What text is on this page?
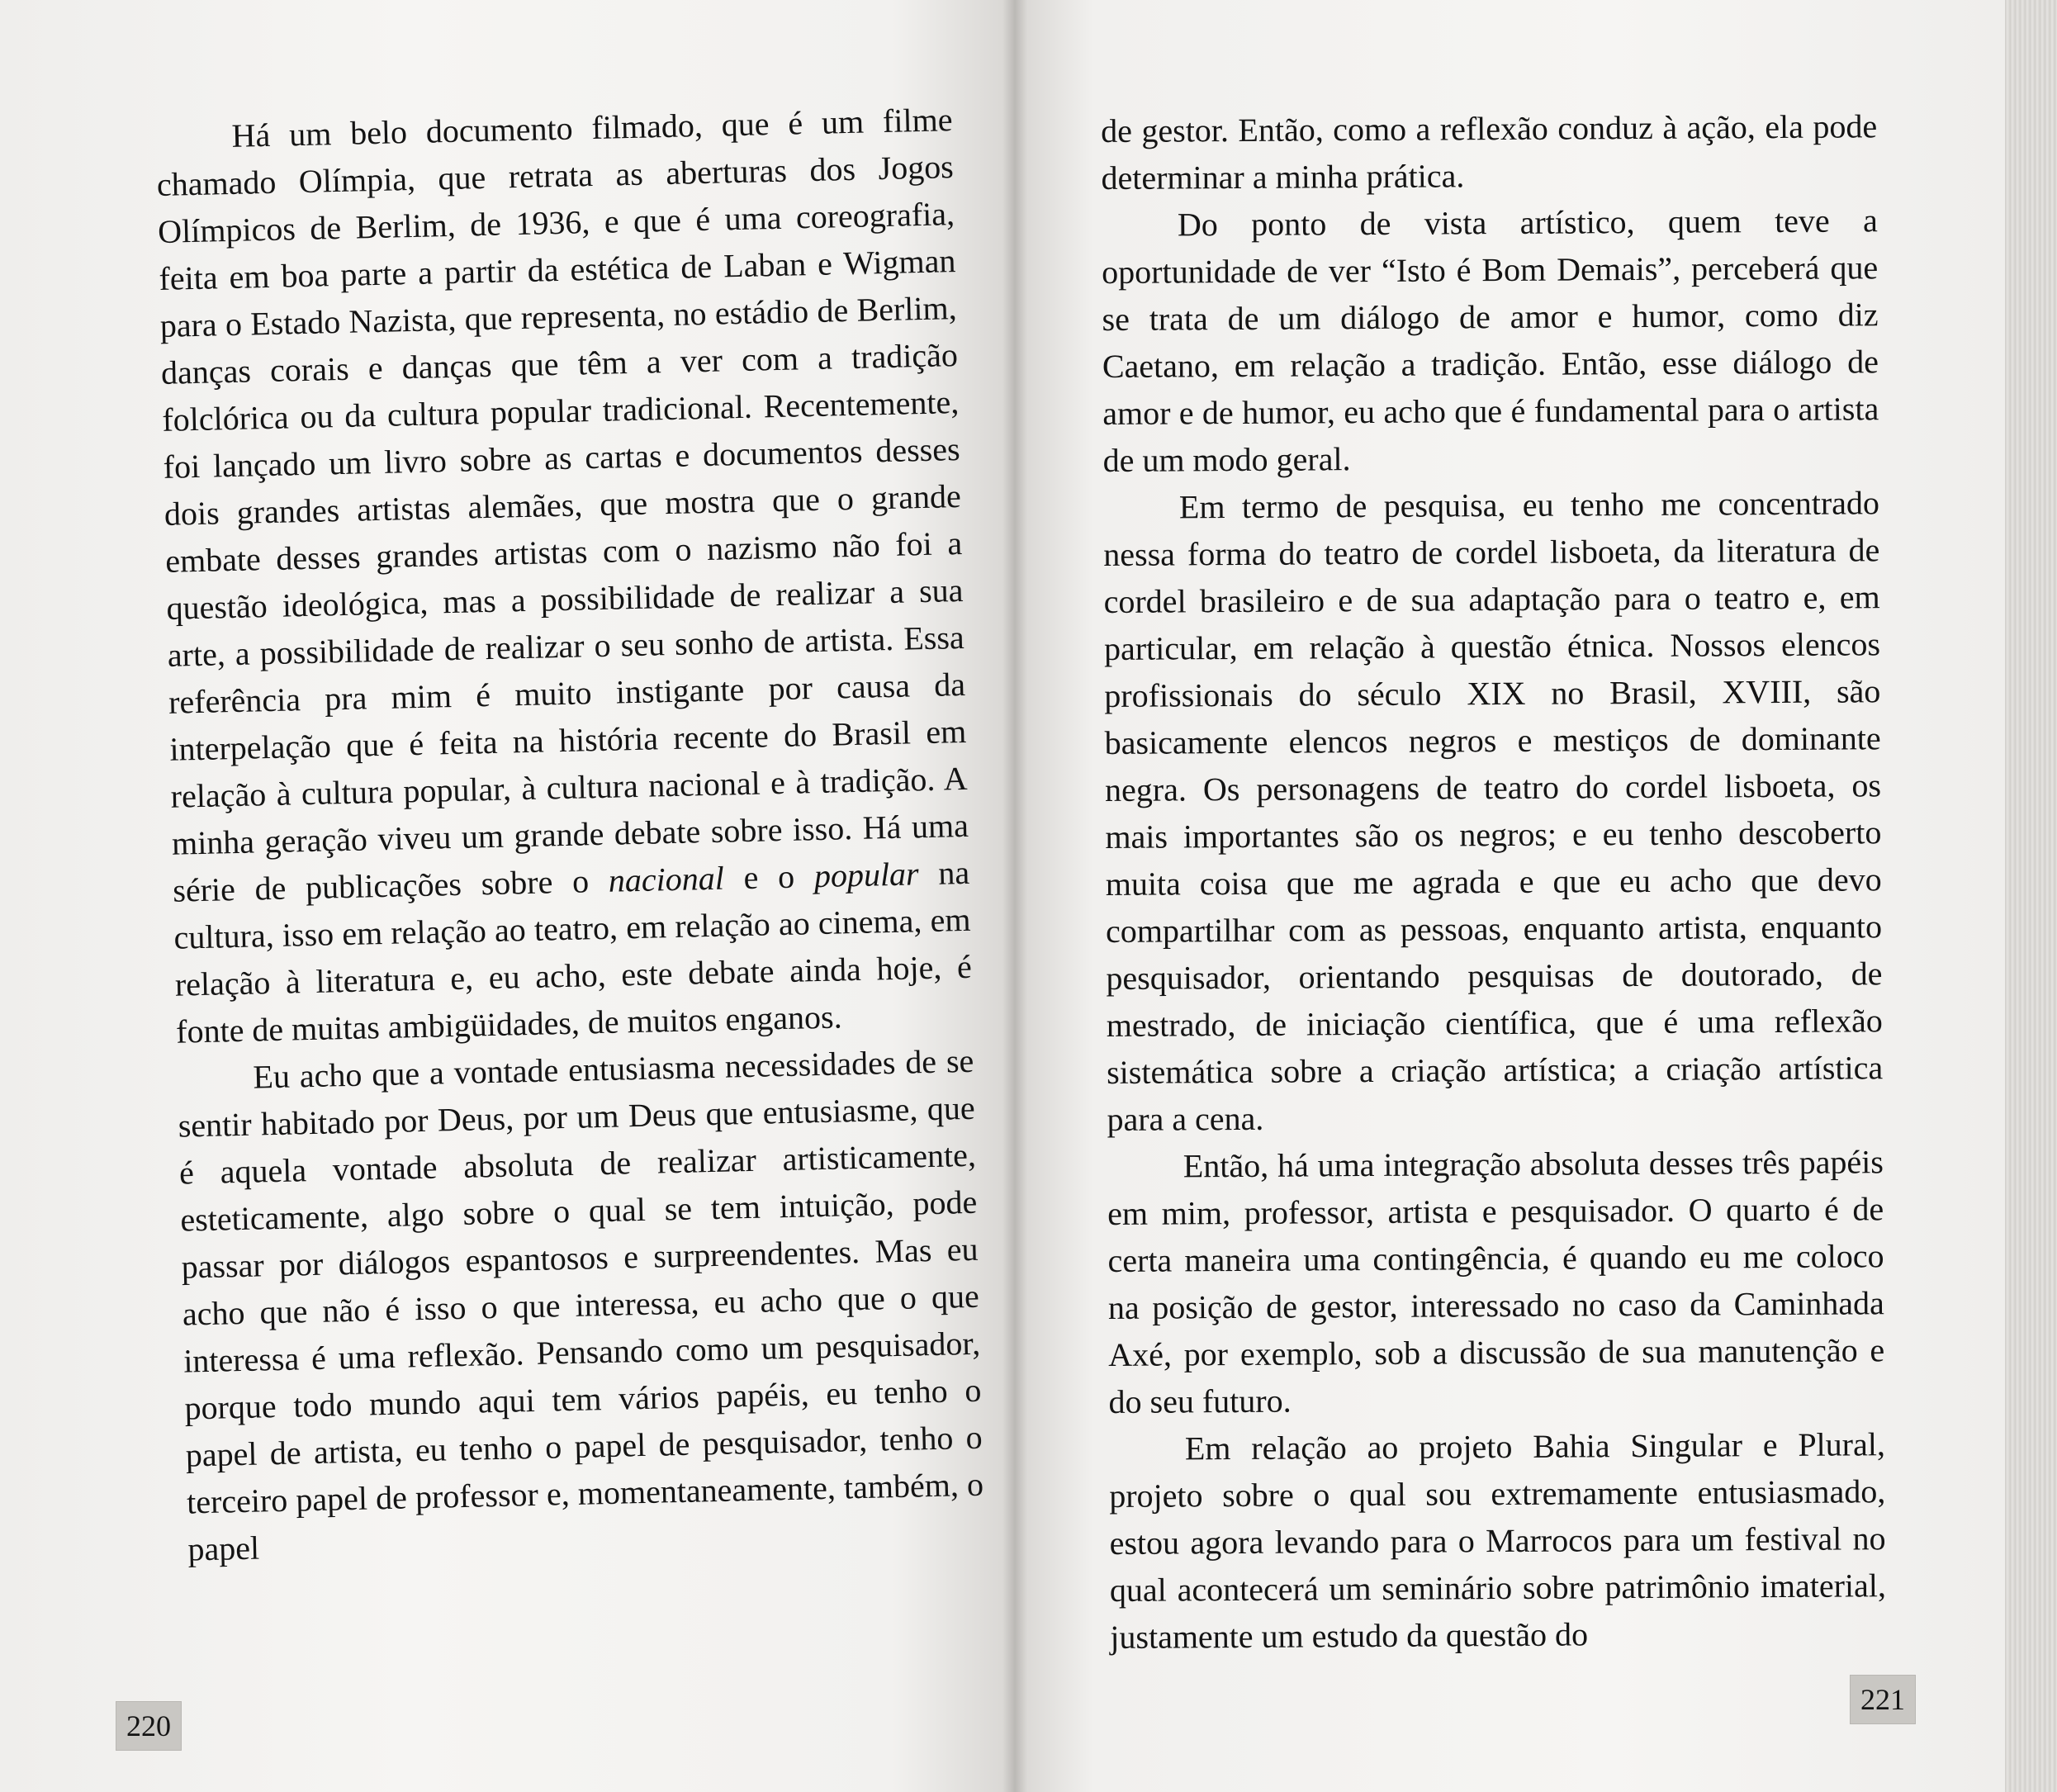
Há um belo documento filmado, que é um filme chamado Olímpia, que retrata as aberturas dos Jogos Olímpicos de Berlim, de 1936, e que é uma coreografia, feita em boa parte a partir da estética de Laban e Wigman para o Estado Nazista, que representa, no estádio de Berlim, danças corais e danças que têm a ver com a tradição folclórica ou da cultura popular tradicional. Recentemente, foi lançado um livro sobre as cartas e documentos desses dois grandes artistas alemães, que mostra que o grande embate desses grandes artistas com o nazismo não foi a questão ideológica, mas a possibilidade de realizar a sua arte, a possibilidade de realizar o seu sonho de artista. Essa referência pra mim é muito instigante por causa da interpelação que é feita na história recente do Brasil em relação à cultura popular, à cultura nacional e à tradição. A minha geração viveu um grande debate sobre isso. Há uma série de publicações sobre o nacional e o popular na cultura, isso em relação ao teatro, em relação ao cinema, em relação à literatura e, eu acho, este debate ainda hoje, é fonte de muitas ambigüidades, de muitos enganos.

Eu acho que a vontade entusiasma necessidades de se sentir habitado por Deus, por um Deus que entusiasme, que é aquela vontade absoluta de realizar artisticamente, esteticamente, algo sobre o qual se tem intuição, pode passar por diálogos espantosos e surpreendentes. Mas eu acho que não é isso o que interessa, eu acho que o que interessa é uma reflexão. Pensando como um pesquisador, porque todo mundo aqui tem vários papéis, eu tenho o papel de artista, eu tenho o papel de pesquisador, tenho o terceiro papel de professor e, momentaneamente, também, o papel

220

de gestor. Então, como a reflexão conduz à ação, ela pode determinar a minha prática.

Do ponto de vista artístico, quem teve a oportunidade de ver “Isto é Bom Demais”, perceberá que se trata de um diálogo de amor e humor, como diz Caetano, em relação a tradição. Então, esse diálogo de amor e de humor, eu acho que é fundamental para o artista de um modo geral.

Em termo de pesquisa, eu tenho me concentrado nessa forma do teatro de cordel lisboeta, da literatura de cordel brasileiro e de sua adaptação para o teatro e, em particular, em relação à questão étnica. Nossos elencos profissionais do século XIX no Brasil, XVIII, são basicamente elencos negros e mestiços de dominante negra. Os personagens de teatro do cordel lisboeta, os mais importantes são os negros; e eu tenho descoberto muita coisa que me agrada e que eu acho que devo compartilhar com as pessoas, enquanto artista, enquanto pesquisador, orientando pesquisas de doutorado, de mestrado, de iniciação científica, que é uma reflexão sistemática sobre a criação artística; a criação artística para a cena.

Então, há uma integração absoluta desses três papéis em mim, professor, artista e pesquisador. O quarto é de certa maneira uma contingência, é quando eu me coloco na posição de gestor, interessado no caso da Caminhada Axé, por exemplo, sob a discussão de sua manutenção e do seu futuro.

Em relação ao projeto Bahia Singular e Plural, projeto sobre o qual sou extremamente entusiasmado, estou agora levando para o Marrocos para um festival no qual acontecerá um seminário sobre patrimônio imaterial, justamente um estudo da questão do

221
